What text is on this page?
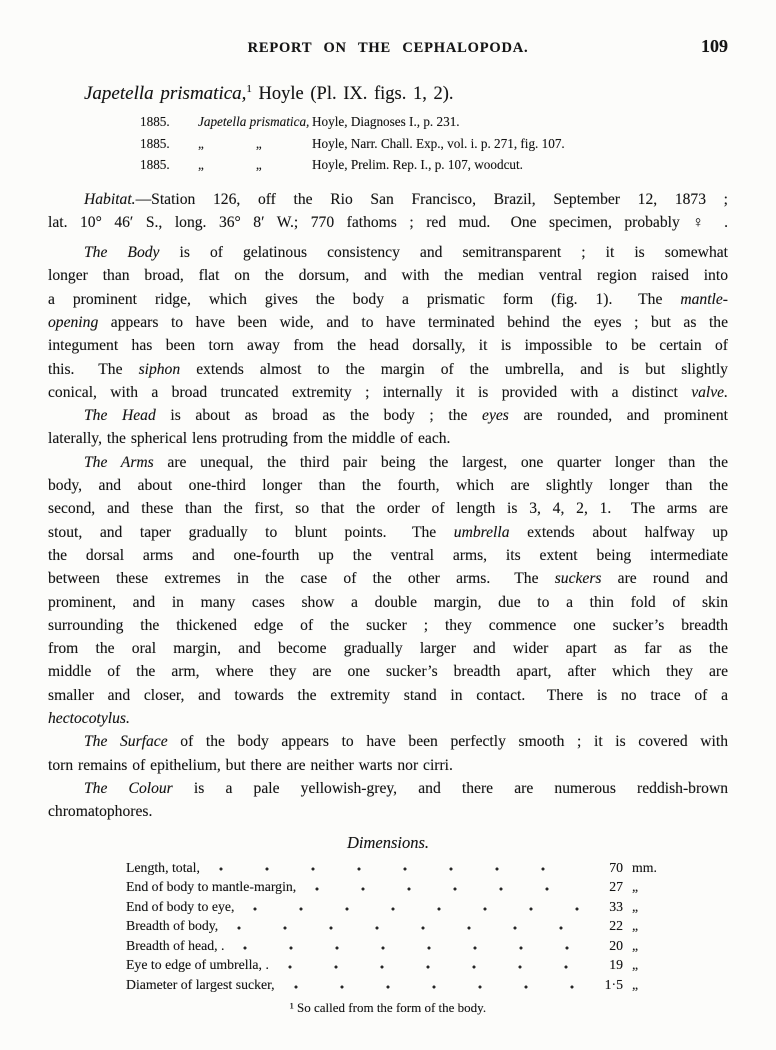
REPORT ON THE CEPHALOPODA.	109
Japetella prismatica,$^1$ Hoyle (Pl. IX. figs. 1, 2).
1885.	Japetella prismatica, Hoyle, Diagnoses I., p. 231.
1885.	„	„	Hoyle, Narr. Chall. Exp., vol. i. p. 271, fig. 107.
1885.	„	„	Hoyle, Prelim. Rep. I., p. 107, woodcut.
Habitat.—Station 126, off the Rio San Francisco, Brazil, September 12, 1873 ;
lat. 10° 46′ S., long. 36° 8′ W.; 770 fathoms ; red mud.  One specimen, probably ♀ .
The Body is of gelatinous consistency and semitransparent ; it is somewhat
longer than broad, flat on the dorsum, and with the median ventral region raised into
a prominent ridge, which gives the body a prismatic form (fig. 1).  The mantle-
opening appears to have been wide, and to have terminated behind the eyes ; but as the
integument has been torn away from the head dorsally, it is impossible to be certain of
this.  The siphon extends almost to the margin of the umbrella, and is but slightly
conical, with a broad truncated extremity ; internally it is provided with a distinct valve.
The Head is about as broad as the body ; the eyes are rounded, and prominent
laterally, the spherical lens protruding from the middle of each.
The Arms are unequal, the third pair being the largest, one quarter longer than the
body, and about one-third longer than the fourth, which are slightly longer than the
second, and these than the first, so that the order of length is 3, 4, 2, 1.  The arms are
stout, and taper gradually to blunt points.  The umbrella extends about halfway up
the dorsal arms and one-fourth up the ventral arms, its extent being intermediate
between these extremes in the case of the other arms.  The suckers are round and
prominent, and in many cases show a double margin, due to a thin fold of skin
surrounding the thickened edge of the sucker ; they commence one sucker’s breadth
from the oral margin, and become gradually larger and wider apart as far as the
middle of the arm, where they are one sucker’s breadth apart, after which they are
smaller and closer, and towards the extremity stand in contact.  There is no trace of a
hectocotylus.
The Surface of the body appears to have been perfectly smooth ; it is covered with
torn remains of epithelium, but there are neither warts nor cirri.
The Colour is a pale yellowish-grey, and there are numerous reddish-brown
chromatophores.
Dimensions.
Length, total,	70 mm.
End of body to mantle-margin,	27 „
End of body to eye,	33 „
Breadth of body,	22 „
Breadth of head, .	20 „
Eye to edge of umbrella, .	19 „
Diameter of largest sucker,	1·5 „
¹ So called from the form of the body.
